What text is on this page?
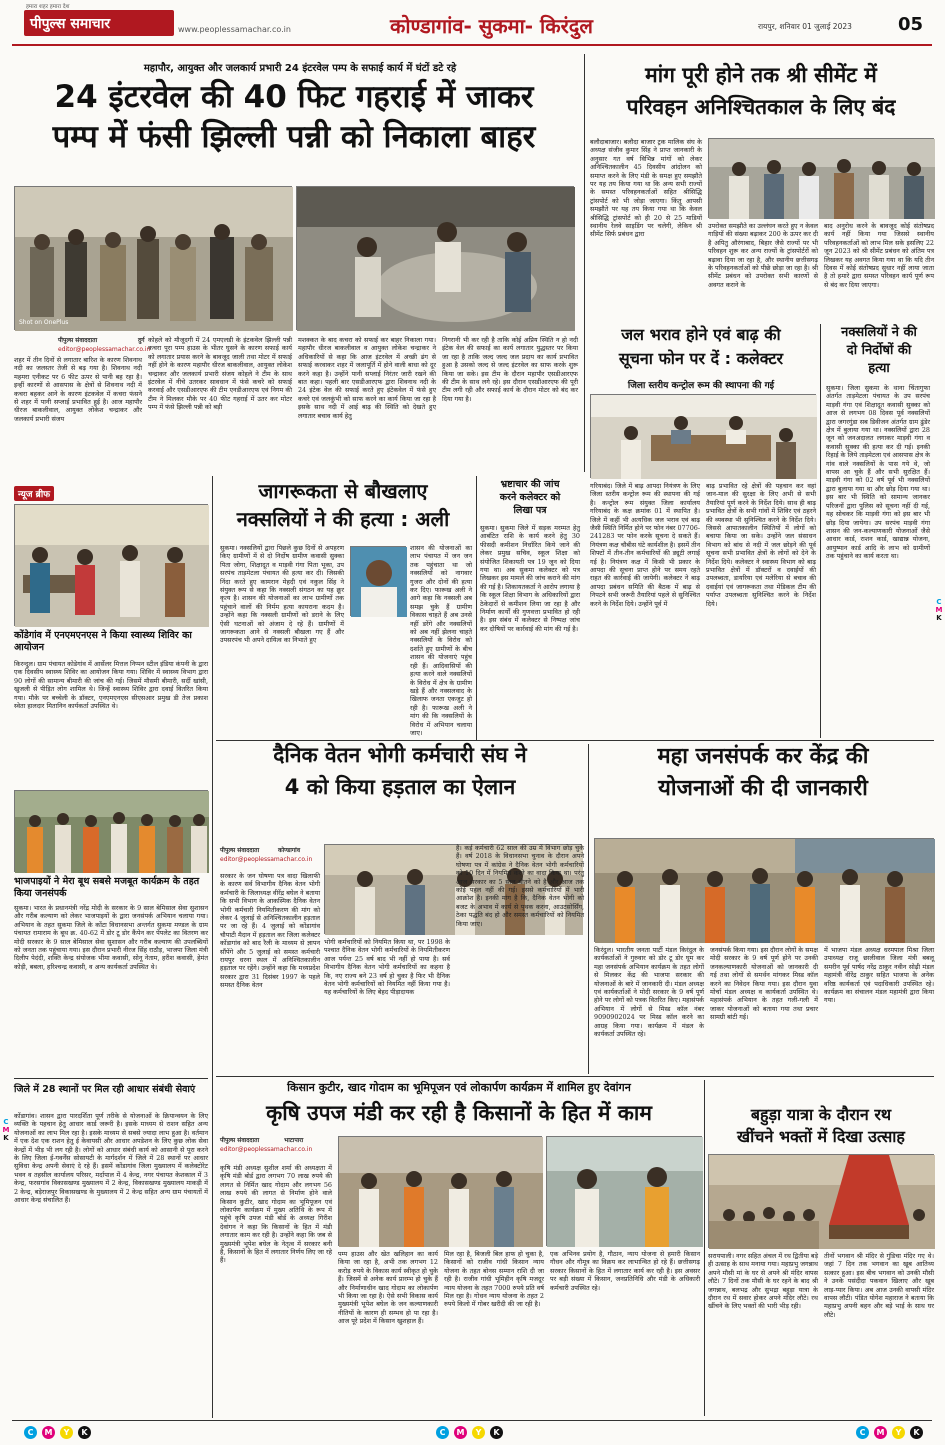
पीपुल्स समाचार
हमारा शहर हमारा देश
www.peoplessamachar.co.in	कोण्डागांव- सुकमा- किरंदुल	रायपुर, शनिवार 01 जुलाई 2023	05
महापौर, आयुक्त और जलकार्य प्रभारी 24 इंटरवेल पम्प के सफाई कार्य में घंटों डटे रहे
24 इंटरवेल की 40 फिट गहराई में जाकर
पम्प में फंसी झिल्ली पन्नी को निकाला बाहर
Shot on OnePlus
पीपुल्स संवाददाता	दुर्ग
editor@peoplessamachar.co.in
शहर में तीन दिनों से लगातार बारिश के कारण शिवनाथ नदी का जलस्तर तेजी से बढ़ गया है। शिवनाथ नदी महमरा एनीकट पर 6 फीट ऊपर से पानी बह रहा है। इन्हीं कारणों से आसपास के क्षेत्रों से शिवनाथ नदी में कचरा बहकर आने के कारण इंटकवेल में कचरा फंसने से शहर में पानी सप्लाई प्रभावित हुई है। आज महापौर धीरज बाकलीवाल, आयुक्त लोकेश चन्द्राकर और जलकार्य प्रभारी संजय
कोहले को मौजूदगी में 24 एमएलडी के इंटकवेल झिल्ली पन्नी कचरा पूरा पम्प हाउस के भीतर घुसने के कारण सफाई कार्य को लगातार प्रयास करने के बावजूद जाली तथा मोटर में सफाई नहीं होने के कारण महापौर धीरज बाकलीवाल, आयुक्त लोकेश चन्द्राकर और जलकार्य प्रभारी संजय कोहले ने टीम के साथ इंटरवेल में नीचे उतरकर सावधान में फंसे कचरे को सफाई करवाई और एसडीआरएफ की टीम एनडीआरएफ एवं निगम की टीम ने मिलकर मौके पर 40 फीट गहराई में उतर कर मोटर पम्प में फंसे झिल्ली पन्नी को बड़ी
मशक्कत के बाद कचरा को सफाई कर बाहर निकाला गया। महापौर धीरज बाकलीवाल व आयुक्त लोकेश चन्द्राकर ने अधिकारियों से कहा कि आज इंटरवेल में अच्छी ढंग से सफाई करवाकर शहर में जलापूर्ति में होने वाली बाधा को दूर करने कहा है। उन्होंने पानी सप्लाई निरंतर जारी रखने की बात कहा। पहली बार एसडीआरएफ द्वारा शिवनाथ नदी के 24 इंटेक वेल की सफाई करते हुए इंटेकवेल में फंसे हुए कचरे एवं जलकुंभी को साफ करने का कार्य किया जा रहा है इसके साथ नदी में आई बाढ़ की स्थिति को देखते हुए लगातार बचाव कार्य हेतु
निगरानी भी कर रही है ताकि कोई अप्रिय स्थिति न हो नदी इंटेक वेल की सफाई का कार्य लगातार युद्धस्तर पर किया जा रहा है ताकि जल्द जल्द जल प्रदाय का कार्य प्रभावित हुआ है उसको जल्द से जल्द इंटरवेल का साफ करके शुरू किया जा सके। इस टीम के दौरान महापौर एसडीआरएफ की टीम के साथ लगे रहे। इस दौरान एसडीआरएफ की पूरी टीम लगी रही और सफाई कार्य के दौरान मोटर को बंद कर दिया गया है।
मांग पूरी होने तक श्री सीमेंट में
परिवहन अनिश्चितकाल के लिए बंद
बलौदाबाजार। बलौदा बाजार ट्रक मालिक संघ के अध्यक्ष संजीव कुमार सिंह ने प्राप्त जानकारी के अनुसार गत वर्ष विभिन्न मांगों को लेकर अनिश्चितकालीन 45 दिवसीय आंदोलन को समाप्त करने के लिए मंडी के समक्ष हुए समझौते पर यह तय किया गया था कि अन्य सभी राज्यों के समस्त परिवहनकर्ताओं सहित श्रीसिद्धि ट्रांसपोर्ट को भी जोड़ा जाएगा। किंतु आपसी समझौते पर यह तय किया गया था कि केवल श्रीसिद्धि ट्रांसपोर्ट को ही 20 से 25 माडियों स्थानीय रेलवे साइडिंग पर चलेगी, लेकिन श्री सीमेंट सिर्फ प्रबंधन द्वारा
उपरोक्त समझौते का उल्लंघन करते हुए न केवल गाड़ियों की संख्या बढ़ाकर 200 के ऊपर कर दी है अपितु औरंगाबाद, बिहार जैसे राज्यों पर भी परिवहन शुरू कर अन्य राज्यों के ट्रांसपोर्टरों को बढ़ावा दिया जा रहा है, और स्थानीय छत्तीसगढ़ के परिवहनकर्ताओं को पीछे छोड़ा जा रहा है। श्री सीमेंट प्रबंधन को उपरोक्त सभी कारणों से अवगत कराने के
बाद अनुरोध करने के बावजूद कोई संतोषप्रद कार्य नहीं किया गया जिससे स्थानीय परिवहनकर्ताओं को लाभ मिल सके इसलिए 22 जून 2023 को श्री सीमेंट प्रबंधन को अंतिम पत्र लिखकर यह अवगत किया गया था कि यदि तीन दिवस में कोई संतोषप्रद सुधार नहीं लाया जाता है तो हमारे द्वारा समस्त परिवहन कार्य पूर्ण रूप से बंद कर दिया जाएगा।
जल भराव होने एवं बाढ़ की
सूचना फोन पर दें : कलेक्टर
जिला स्तरीय कन्ट्रोल रूम की स्थापना की गई
गरियाबंद। जिले में बाढ़ आपदा नियंत्रण के लिए जिला स्तरीय कन्ट्रोल रूम की स्थापना की गई है। कन्ट्रोल रूम संयुक्त जिला कार्यालय गरियाबंद के कक्ष क्रमांक 01 में स्थापित है। जिले में कहीं भी अत्यधिक जल भराव एवं बाढ़ जैसी स्थिति निर्मित होने पर फोन नंबर 07706-241283 पर फोन करके सूचना दे सकते हैं। नियंत्रण कक्ष चौबीस घंटे कार्यशील है। इसमें तीन शिफ्टों में तीन-तीन कर्मचारियों की ड्यूटी लगाई गई है। नियंत्रण कक्ष में किसी भी प्रकार के आपदा की सूचना प्राप्त होने पर समय रहते राहत की कार्रवाई की जायेगी। कलेक्टर ने बाढ़ आपदा प्रबंधन समिति की बैठक में बाढ़ से निपटने सभी जरूरी तैयारियां पहले से सुनिश्चित करने के निर्देश दिये। उन्होंने पूर्व में
बाढ़ प्रभावित रहे क्षेत्रों की पहचान कर वहां जान-माल की सुरक्षा के लिए अभी से सभी तैयारियां पूर्ण करने के निर्देश दिये। साथ ही बाढ़ प्रभावित क्षेत्रों के सभी गांवों में शिविर एवं ठहरने की व्यवस्था भी सुनिश्चित करने के निर्देश दिये। जिससे आपातकालीन स्थितियों में लोगों को बचाया किया जा सके। उन्होंने जल संसाधन विभाग को बांध से नदी में जल छोड़ने की पूर्व सूचना सभी प्रभावित क्षेत्रों के लोगों को देने के निर्देश दिये। कलेक्टर ने स्वास्थ्य विभाग को बाढ़ प्रभावित क्षेत्रों में डॉक्टरों व दवाईयों की उपलब्धता, डायरिया एवं मलेरिया से बचाव की दवाईयां एवं जागरूकता तथा मेडिकल टीम की पर्याप्त उपलब्धता सुनिश्चित करने के निर्देश दिये।
नक्सलियों ने की
दो निर्दोषों की
हत्या
सुकमा। जिला सुकमा के थाना चिंतागुफा अंतर्गत ताड़मेटला पंचायत के उप सरपंच माड़वी गंगा एवं शिक्षादूत कवासी सुक्का को आज से लगभग 08 दिवस पूर्व नक्सलियों द्वारा जगरगुंडा सब डिवीजन अंतर्गत ग्राम ढुंडेर क्षेत्र में बुलाया गया था। नक्सलियों द्वारा 28 जून को जनअदालत लगाकर माड़वी गंगा व कवासी सुक्का की हत्या कर दी गई। इनकी रिहाई के लिये ताड़मेटला एवं आसपास क्षेत्र के गांव वाले नक्सलियों के पास गये थे, जो वापस आ चुके हैं और सभी सुरक्षित हैं। माड़वी गंगा को 02 वर्ष पूर्व भी नक्सलियों द्वारा बुलाया गया था और छोड़ दिया गया था। इस बार भी स्थिति को सामान्य जानकर परिजनों द्वारा पुलिस को सूचना नहीं दी गई, यह सोचकर कि माड़वी गंगा को इस बार भी छोड़ दिया जायेगा। उप सरपंच माड़वी गंगा शासन की जन-कल्याणकारी योजनाओं जैसे आधार कार्ड, राशन कार्ड, खाद्यान्न योजना, आयुष्मान कार्ड आदि के लाभ को ग्रामीणों तक पहुंचाने का कार्य करता था।
न्यूज ब्रीफ
कोंडेगांव में एनएमएनएस ने किया स्वास्थ्य शिविर का आयोजन
किरन्दुल। ग्राम पंचायत कोडेगांव में आर्सेलर मित्तल निप्पन स्टील इंडिया कंपनी के द्वारा एक दिवसीय स्वास्थ्य शिविर का आयोजन किया गया। शिविर में स्वास्थ्य विभाग द्वारा 90 लोगों की सामान्य बीमारी की जांच की गई। जिसमें मौसमी बीमारी, सर्दी खांसी, खुजली से पीड़ित लोग शामिल थे। जिन्हें स्वास्थ्य शिविर द्वारा दवाई वितरित किया गया। मौके पर बच्चेली के डॉक्टर, एनएमएनएस सीएसआर प्रमुख डी तेज प्रकाश स्वेता हालदार मितानिन कार्यकर्ता उपस्थित थे।
भाजपाइयों ने मेरा बूथ सबसे मजबूत कार्यक्रम के तहत किया जनसंपर्क
सुकमा। भारत के प्रधानमंत्री नरेंद्र मोदी के सरकार के 9 साल बेमिसाल सेवा सुशासन और गरीब कल्याण को लेकर भाजपाइयों के द्वारा जनसंपर्क अभियान चलाया गया। अभियान के तहत सुकमा जिले के कोंटा विधानसभा अन्तर्गत सुकमा मण्डल के ग्राम पंचायत रामाराम के बूथ क्र. 40-62 में डोर टू डोर कैंपेन कर पेंपलेट का वितरण कर मोदी सरकार के 9 साल बेमिसाल सेवा सुशासन और गरीब कल्याण की उपलब्धियों को जनता तक पहुंचाया गया। इस दौरान प्रभारी नीरज सिंह राठौड़, भाजपा जिला मंत्री दिलीप पेदंदी, शक्ति केन्द्र संयोजक भीमा कवासी, सोनू नेताम, हरीश कवासी, हेमंत कोड़ी, बबला, हरिश्चन्द्र कवासी, व अन्य कार्यकर्ता उपस्थित थे।
जिले में 28 स्थानों पर मिल रही आधार संबंधी सेवाएं
कोंडागांव। शासन द्वारा पारदर्शिता पूर्ण तरीके से योजनाओं के क्रियान्वयन के लिए व्यक्ति के पहचान हेतु आधार कार्ड जरूरी है। इसके माध्यम से राशन सहित अन्य योजनाओं का लाभ मिल रहा है। इसके माध्यम से सबसे ज्यादा लाभ हुआ है। वर्तमान में एक देश एक राशन हेतु ई केवायसी और आधार अपडेशन के लिए कुछ लोक सेवा केन्द्रों में भीड़ भी लग रही है। लोगों को आधार संबंधी कार्य को आसानी से पूरा करने के लिए जिला ई-गवर्नेंस सोसायटी के मार्गदर्शन में जिले में 28 स्थानों पर आधार सुविधा केन्द्र अपनी सेवाएं दे रहे हैं। इसमें कोंडागांव जिला मुख्यालय में कलेक्टोरेट भवन व तहसील कार्यालय परिसर, मर्दापाल में 4 केन्द्र, नगर पंचायत केशकाल में 3 केन्द्र, फरसगांव विकासखण्ड मुख्यालय में 2 केन्द्र, विकासखण्ड मुख्यालय माकड़ी में 2 केन्द्र, बड़ेराजपुर विकासखण्ड के मुख्यालय में 2 केन्द्र सहित अन्य ग्राम पंचायतों में आधार केन्द्र संचालित हैं।
जागरूकता से बौखलाए
नक्सलियों ने की हत्या : अली
सुकमा। नक्सलियों द्वारा पिछले कुछ दिनों से अपहरण किए ग्रामीणों में से दो निर्दोष ग्रामीण कवासी सुक्का पिता जोगा, शिक्षादूत व माड़वी गंगा पिता भूका, उप सरपंच ताड़मेटला पंचायत की हत्या कर दी। जिसकी निंदा करते हुए कामरान मेहदी एवं नकुल सिंह ने संयुक्त रूप से कहा कि नक्सली संगठन का यह क्रूर कृत्य है। शासन की योजनाओं का लाभ ग्रामीणों तक पहुंचाने वालों की निर्मम हत्या कायराना कदम है। उन्होंने कहा कि नक्सली ग्रामीणों को डराने के लिए ऐसी घटनाओं को अंजाम दे रहे हैं। ग्रामीणों में जागरूकता आने से नक्सली बौखला गए हैं और उपसरपंच भी अपने दायित्व का निभाते हुए
शासन की योजनाओं का लाभ पंचायत में जन जन तक पहुंचाता था जो नक्सलियों को नागवार गुजरा और दोनों की हत्या कर दिए। फारूख अली ने आगे कहा कि नक्सली अब समझ चुके हैं ग्रामीण विकास चाहते हैं अब उनसे नहीं डरेंगे और नक्सलियों को अब नहीं झेलना चाहते नक्सलियों के विरोध को दर्शाते हुए ग्रामीणों के बीच शासन की योजनाएं पहुंच रही हैं। आदिवासियों की हत्या करने वाले नक्सलियों के विरोध में क्षेत्र के ग्रामीण खड़े हैं और नक्सलवाद के खिलाफ जनता एकजुट हो रही है। फारूख अली ने मांग की कि नक्सलियों के विरोध में अभियान चलाया जाए।
भ्रष्टाचार की जांच
करने कलेक्टर को
लिखा पत्र
सुकमा। सुकमा जिले में सड़क मरम्मत हेतु आबंटित राशि के कार्य करने हेतु 30 फीसदी कमीशन निर्धारित किये जाने की लेकर प्रमुख सचिव, स्कूल शिक्षा को संयोजित शिकायती पत्र 19 जून को दिया गया था। अब सुकमा कलेक्टर को पत्र लिखकर इस मामले की जांच कराने की मांग की गई है। शिकायतकर्ता ने आरोप लगाया है कि स्कूल शिक्षा विभाग के अधिकारियों द्वारा ठेकेदारों से कमीशन लिया जा रहा है और निर्माण कार्यों की गुणवत्ता प्रभावित हो रही है। इस संबंध में कलेक्टर से निष्पक्ष जांच कर दोषियों पर कार्रवाई की मांग की गई है।
दैनिक वेतन भोगी कर्मचारी संघ ने
4 को किया हड़ताल का ऐलान
पीपुल्स संवाददाता	कोण्डागांव
editor@peoplessamachar.co.in
सरकार के जन घोषणा पत्र वादा खिलाफी के कारण सर्व विभागीय दैनिक वेतन भोगी कर्मचारी के जिलाध्यक्ष वीरेंद्र बघेल ने बताया कि सभी विभाग के आकस्मिक दैनिक वेतन भोगी कर्मचारी नियमितीकरण की मांग को लेकर 4 जुलाई से अनिश्चितकालीन हड़ताल पर जा रहे हैं। 4 जुलाई को कोंडागांव चौपाटी मैदान में हड़ताल कर जिला कलेक्टर कोंडागांव को बाद रैली के माध्यम से ज्ञापन सौंपेंगे और 5 जुलाई को समस्त कर्मचारी रायपुर धरना स्थल में अनिश्चितकालीन हड़ताल पर रहेंगे। उन्होंने कहा कि मध्यप्रदेश सरकार द्वारा 31 दिसंबर 1997 के पहले समस्त दैनिक वेतन
भोगी कर्मचारियों को नियमित किया था, पर 1998 के पश्चात दैनिक वेतन भोगी कर्मचारियों के नियमितीकरण आज पर्यन्त 25 वर्ष बाद भी नहीं हो पाया है। सर्व विभागीय दैनिक वेतन भोगी कर्मचारियों का कहना है कि, नए राज्य बने 23 वर्ष हो चुका है फिर भी दैनिक वेतन भोगी कर्मचारियों को नियमित नहीं किया गया है। यह कर्मचारियों के लिए बेहद पीड़ादायक
है। कई कर्मचारी 62 साल की उम्र में विभाग छोड़ चुके हैं। वर्ष 2018 के विधानसभा चुनाव के दौरान अपने घोषणा पत्र में कांग्रेस ने दैनिक वेतन भोगी कर्मचारियों को 10 दिन में नियमित करने का वादा किया था। परंतु आज सरकार का 5 साल बीतने को है और आज तक कोई पहल नहीं की गई। इससे कर्मचारियों में भारी आक्रोश है। इनकी मांग है कि, दैनिक वेतन भोगी को बजट के अभाव में कार्य से पृथक करना, आउटसोर्सिंग, ठेका पद्धति बंद हो और समस्त कर्मचारियों को नियमित किया जाए।
महा जनसंपर्क कर केंद्र की
योजनाओं की दी जानकारी
किरंदुल। भारतीय जनता पार्टी मंडल किरंदुल के कार्यकर्ताओं ने गुरुवार को डोर टू डोर घूम कर महा जनसंपर्क अभियान कार्यक्रम के तहत लोगों से मिलकर केंद्र की भाजपा सरकार की योजनाओं के बारे में जानकारी दी। मंडल अध्यक्ष एवं कार्यकर्ताओं ने मोदी सरकार के 9 वर्ष पूर्ण होने पर लोगों को पत्रक वितरित किए। महासंपर्क अभियान में लोगों से मिस्ड कॉल नंबर 9090902024 पर मिस्ड कॉल करने का आग्रह किया गया। कार्यक्रम में मंडल के कार्यकर्ता उपस्थित रहे।
जनसंपर्क किया गया। इस दौरान लोगों के समक्ष मोदी सरकार के 9 वर्ष पूर्ण होने पर उनकी जनकल्याणकारी योजनाओं को जानकारी दी गई तथा लोगों से समर्थन मांगकर मिस्ड कॉल करने का निवेदन किया गया। इस दौरान युवा मोर्चा मंडल अध्यक्ष व कार्यकर्ता उपस्थित थे। महासंपर्क अभियान के तहत गली-गली में जाकर योजनाओं को बताया गया तथा प्रचार सामग्री बांटी गई।
में भाजपा मंडल अध्यक्ष धरमपाल मिश्रा जिला उपाध्यक्ष राजू छालीवाल जिला मंत्री बबलू समरीन पूर्व पार्षद नरेंद्र ठाकुर नवीन सोढ़ी मंडल महामंत्री वीरेंद्र ठाकुर सहित भाजपा के अनेक वरिष्ठ कार्यकर्ता एवं पदाधिकारी उपस्थित रहे। कार्यक्रम का संचालन मंडल महामंत्री द्वारा किया गया।
किसान कुटीर, खाद गोदाम का भूमिपूजन एवं लोकार्पण कार्यक्रम में शामिल हुए देवांगन
कृषि उपज मंडी कर रही है किसानों के हित में काम
पीपुल्स संवाददाता	भाटापारा
editor@peoplessamachar.co.in
कृषि मंडी अध्यक्ष सुशील शर्मा की अध्यक्षता में कृषि मंडी बोर्ड द्वारा लगभग 70 लाख रुपये की लागत से निर्मित खाद गोदाम और लगभग 56 लाख रुपये की लागत से निर्माण होने वाले किसान कुटीर, खाद गोदाम का भूमिपूजन एवं लोकार्पण कार्यक्रम में मुख्य अतिथि के रूप में पहुंचे कृषि उपज मंडी बोर्ड के अध्यक्ष गिरीश देवांगन ने कहा कि किसानों के हित में मंडी लगातार काम कर रही है। उन्होंने कहा कि जब से मुख्यमंत्री भूपेश बघेल के नेतृत्व में सरकार बनी है, किसानों के हित में लगातार निर्णय लिए जा रहे हैं।
पम्प हाउस और खेत खलिहान का कार्य किया जा रहा है, अभी तक लगभग 12 करोड़ रुपये के विकास कार्य स्वीकृत हो चुके हैं। जिसमें से अनेक कार्य प्रारम्भ हो चुके हैं और निर्माणाधीन खाद गोदाम का लोकार्पण भी किया जा रहा है। ऐसे सभी विकास कार्य मुख्यमंत्री भूपेश बघेल के जन कल्याणकारी नीतियों के कारण ही सम्भव हो पा रहा है। आज पूरे प्रदेश में किसान खुशहाल हैं।
मिल रहा है, बिजली बिल हाफ हो चुका है, किसानों को राजीव गांधी किसान न्याय योजना के तहत बोनस सम्मान राशि दी जा रही है। राजीव गांधी भूमिहीन कृषि मजदूर न्याय योजना के तहत 7000 रुपये प्रति वर्ष मिल रहा है। गोधन न्याय योजना के तहत 2 रुपये किलो में गोबर खरीदी की जा रही है।
एक अभिनव प्रयोग है, गौठान, न्याय योजना से हमारी किसान गौधन और गौमूत्र का विक्रय कर लाभान्वित हो रहे हैं। छत्तीसगढ़ सरकार किसानों के हित में लगातार कार्य कर रही है। इस अवसर पर बड़ी संख्या में किसान, जनप्रतिनिधि और मंडी के अधिकारी कर्मचारी उपस्थित रहे।
बहुड़ा यात्रा के दौरान रथ
खींचने भक्तों में दिखा उत्साह
सरायपाली। नगर सहित अंचल में रथ द्वितीया बड़े ही उत्साह के साथ मनाया गया। महाप्रभु जगन्नाथ अपने मौसी मां के घर से अपने श्री मंदिर वापस लौटे। 7 दिनों तक मौसी के घर रहने के बाद श्री जगन्नाथ, बलभद्र और सुभद्रा बहुड़ा यात्रा के दौरान रथ में सवार होकर अपने मंदिर लौटे। रथ खींचने के लिए भक्तों की भारी भीड़ रही।
तीनों भगवान श्री मंदिर से गुंडिचा मंदिर गए थे। जहां 7 दिन तक भगवान का खूब आतिथ्य सत्कार हुआ। इस बीच भगवान को उनकी मौसी ने उनके पसंदीदा पकवान खिलाए और खूब लाड़-प्यार किया। अब आज उनकी वापसी मंदिर वापस लौटी। पंडित योगेश महाराज ने बताया कि महाप्रभु अपनी बहन और बड़े भाई के साथ घर लौटे।
C	M	Y	K	C	M	Y	K	C	M	Y	K
C
M
K
C
M
K
